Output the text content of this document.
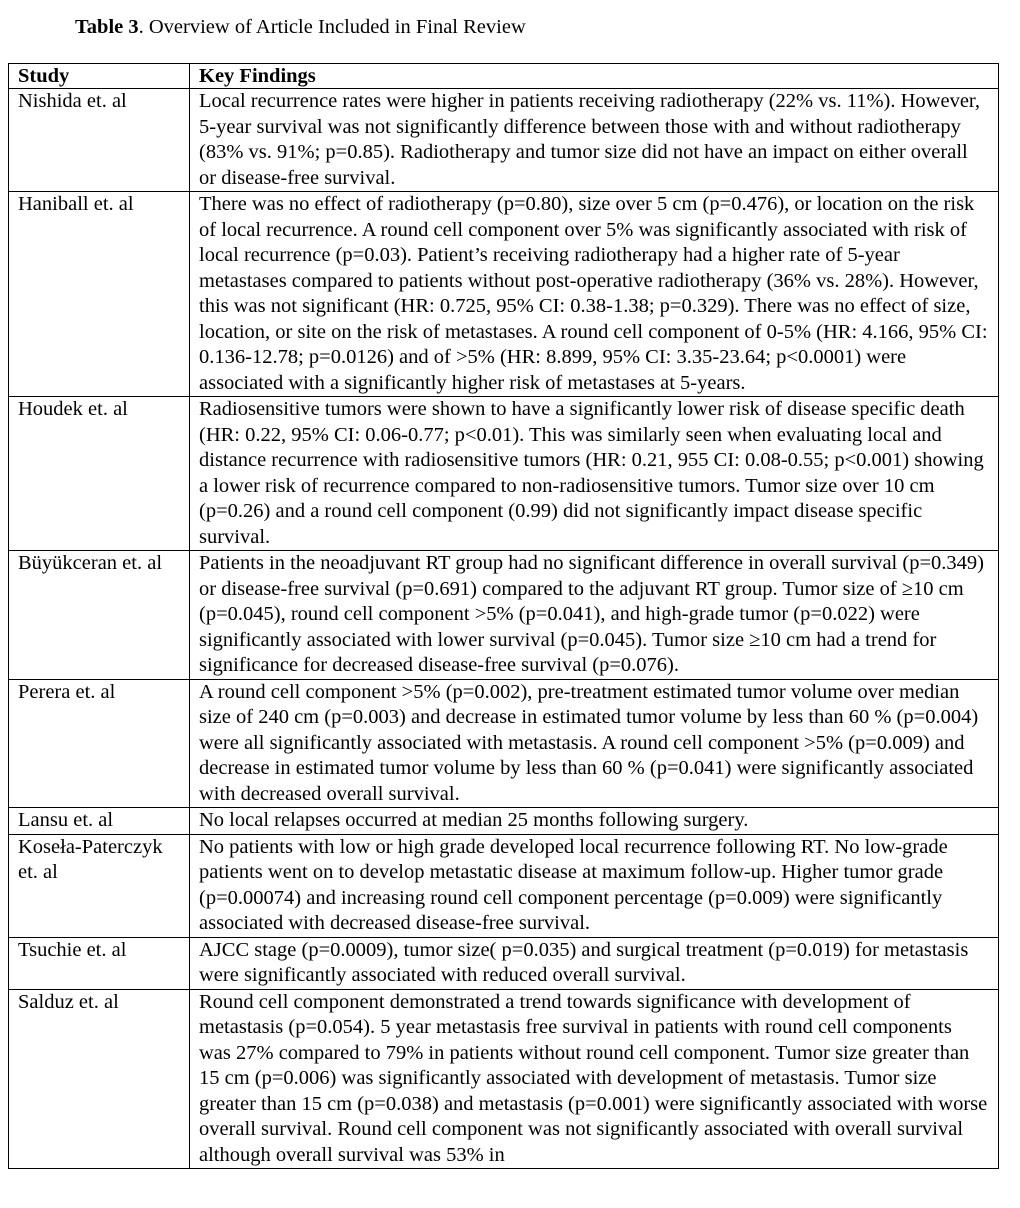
Table 3. Overview of Article Included in Final Review
Study	Key Findings
Nishida et. al	Local recurrence rates were higher in patients receiving radiotherapy (22% vs. 11%). However, 5-year survival was not significantly difference between those with and without radiotherapy (83% vs. 91%; p=0.85). Radiotherapy and tumor size did not have an impact on either overall or disease-free survival.
Haniball et. al	There was no effect of radiotherapy (p=0.80), size over 5 cm (p=0.476), or location on the risk of local recurrence. A round cell component over 5% was significantly associated with risk of local recurrence (p=0.03). Patient’s receiving radiotherapy had a higher rate of 5-year metastases compared to patients without post-operative radiotherapy (36% vs. 28%). However, this was not significant (HR: 0.725, 95% CI: 0.38-1.38; p=0.329). There was no effect of size, location, or site on the risk of metastases. A round cell component of 0-5% (HR: 4.166, 95% CI: 0.136-12.78; p=0.0126) and of >5% (HR: 8.899, 95% CI: 3.35-23.64; p<0.0001) were associated with a significantly higher risk of metastases at 5-years.
Houdek et. al	Radiosensitive tumors were shown to have a significantly lower risk of disease specific death (HR: 0.22, 95% CI: 0.06-0.77; p<0.01). This was similarly seen when evaluating local and distance recurrence with radiosensitive tumors (HR: 0.21, 955 CI: 0.08-0.55; p<0.001) showing a lower risk of recurrence compared to non-radiosensitive tumors. Tumor size over 10 cm (p=0.26) and a round cell component (0.99) did not significantly impact disease specific survival.
Büyükceran et. al	Patients in the neoadjuvant RT group had no significant difference in overall survival (p=0.349) or disease-free survival (p=0.691) compared to the adjuvant RT group. Tumor size of ≥10 cm (p=0.045), round cell component >5% (p=0.041), and high-grade tumor (p=0.022) were significantly associated with lower survival (p=0.045). Tumor size ≥10 cm had a trend for significance for decreased disease-free survival (p=0.076).
Perera et. al	A round cell component >5% (p=0.002), pre-treatment estimated tumor volume over median size of 240 cm (p=0.003) and decrease in estimated tumor volume by less than 60 % (p=0.004) were all significantly associated with metastasis. A round cell component >5% (p=0.009) and decrease in estimated tumor volume by less than 60 % (p=0.041) were significantly associated with decreased overall survival.
Lansu et. al	No local relapses occurred at median 25 months following surgery.
Koseła-Paterczyk et. al	No patients with low or high grade developed local recurrence following RT. No low-grade patients went on to develop metastatic disease at maximum follow-up. Higher tumor grade (p=0.00074) and increasing round cell component percentage (p=0.009) were significantly associated with decreased disease-free survival.
Tsuchie et. al	AJCC stage (p=0.0009), tumor size( p=0.035) and surgical treatment (p=0.019) for metastasis were significantly associated with reduced overall survival.
Salduz et. al	Round cell component demonstrated a trend towards significance with development of metastasis (p=0.054). 5 year metastasis free survival in patients with round cell components was 27% compared to 79% in patients without round cell component. Tumor size greater than 15 cm (p=0.006) was significantly associated with development of metastasis. Tumor size greater than 15 cm (p=0.038) and metastasis (p=0.001) were significantly associated with worse overall survival. Round cell component was not significantly associated with overall survival although overall survival was 53% in
